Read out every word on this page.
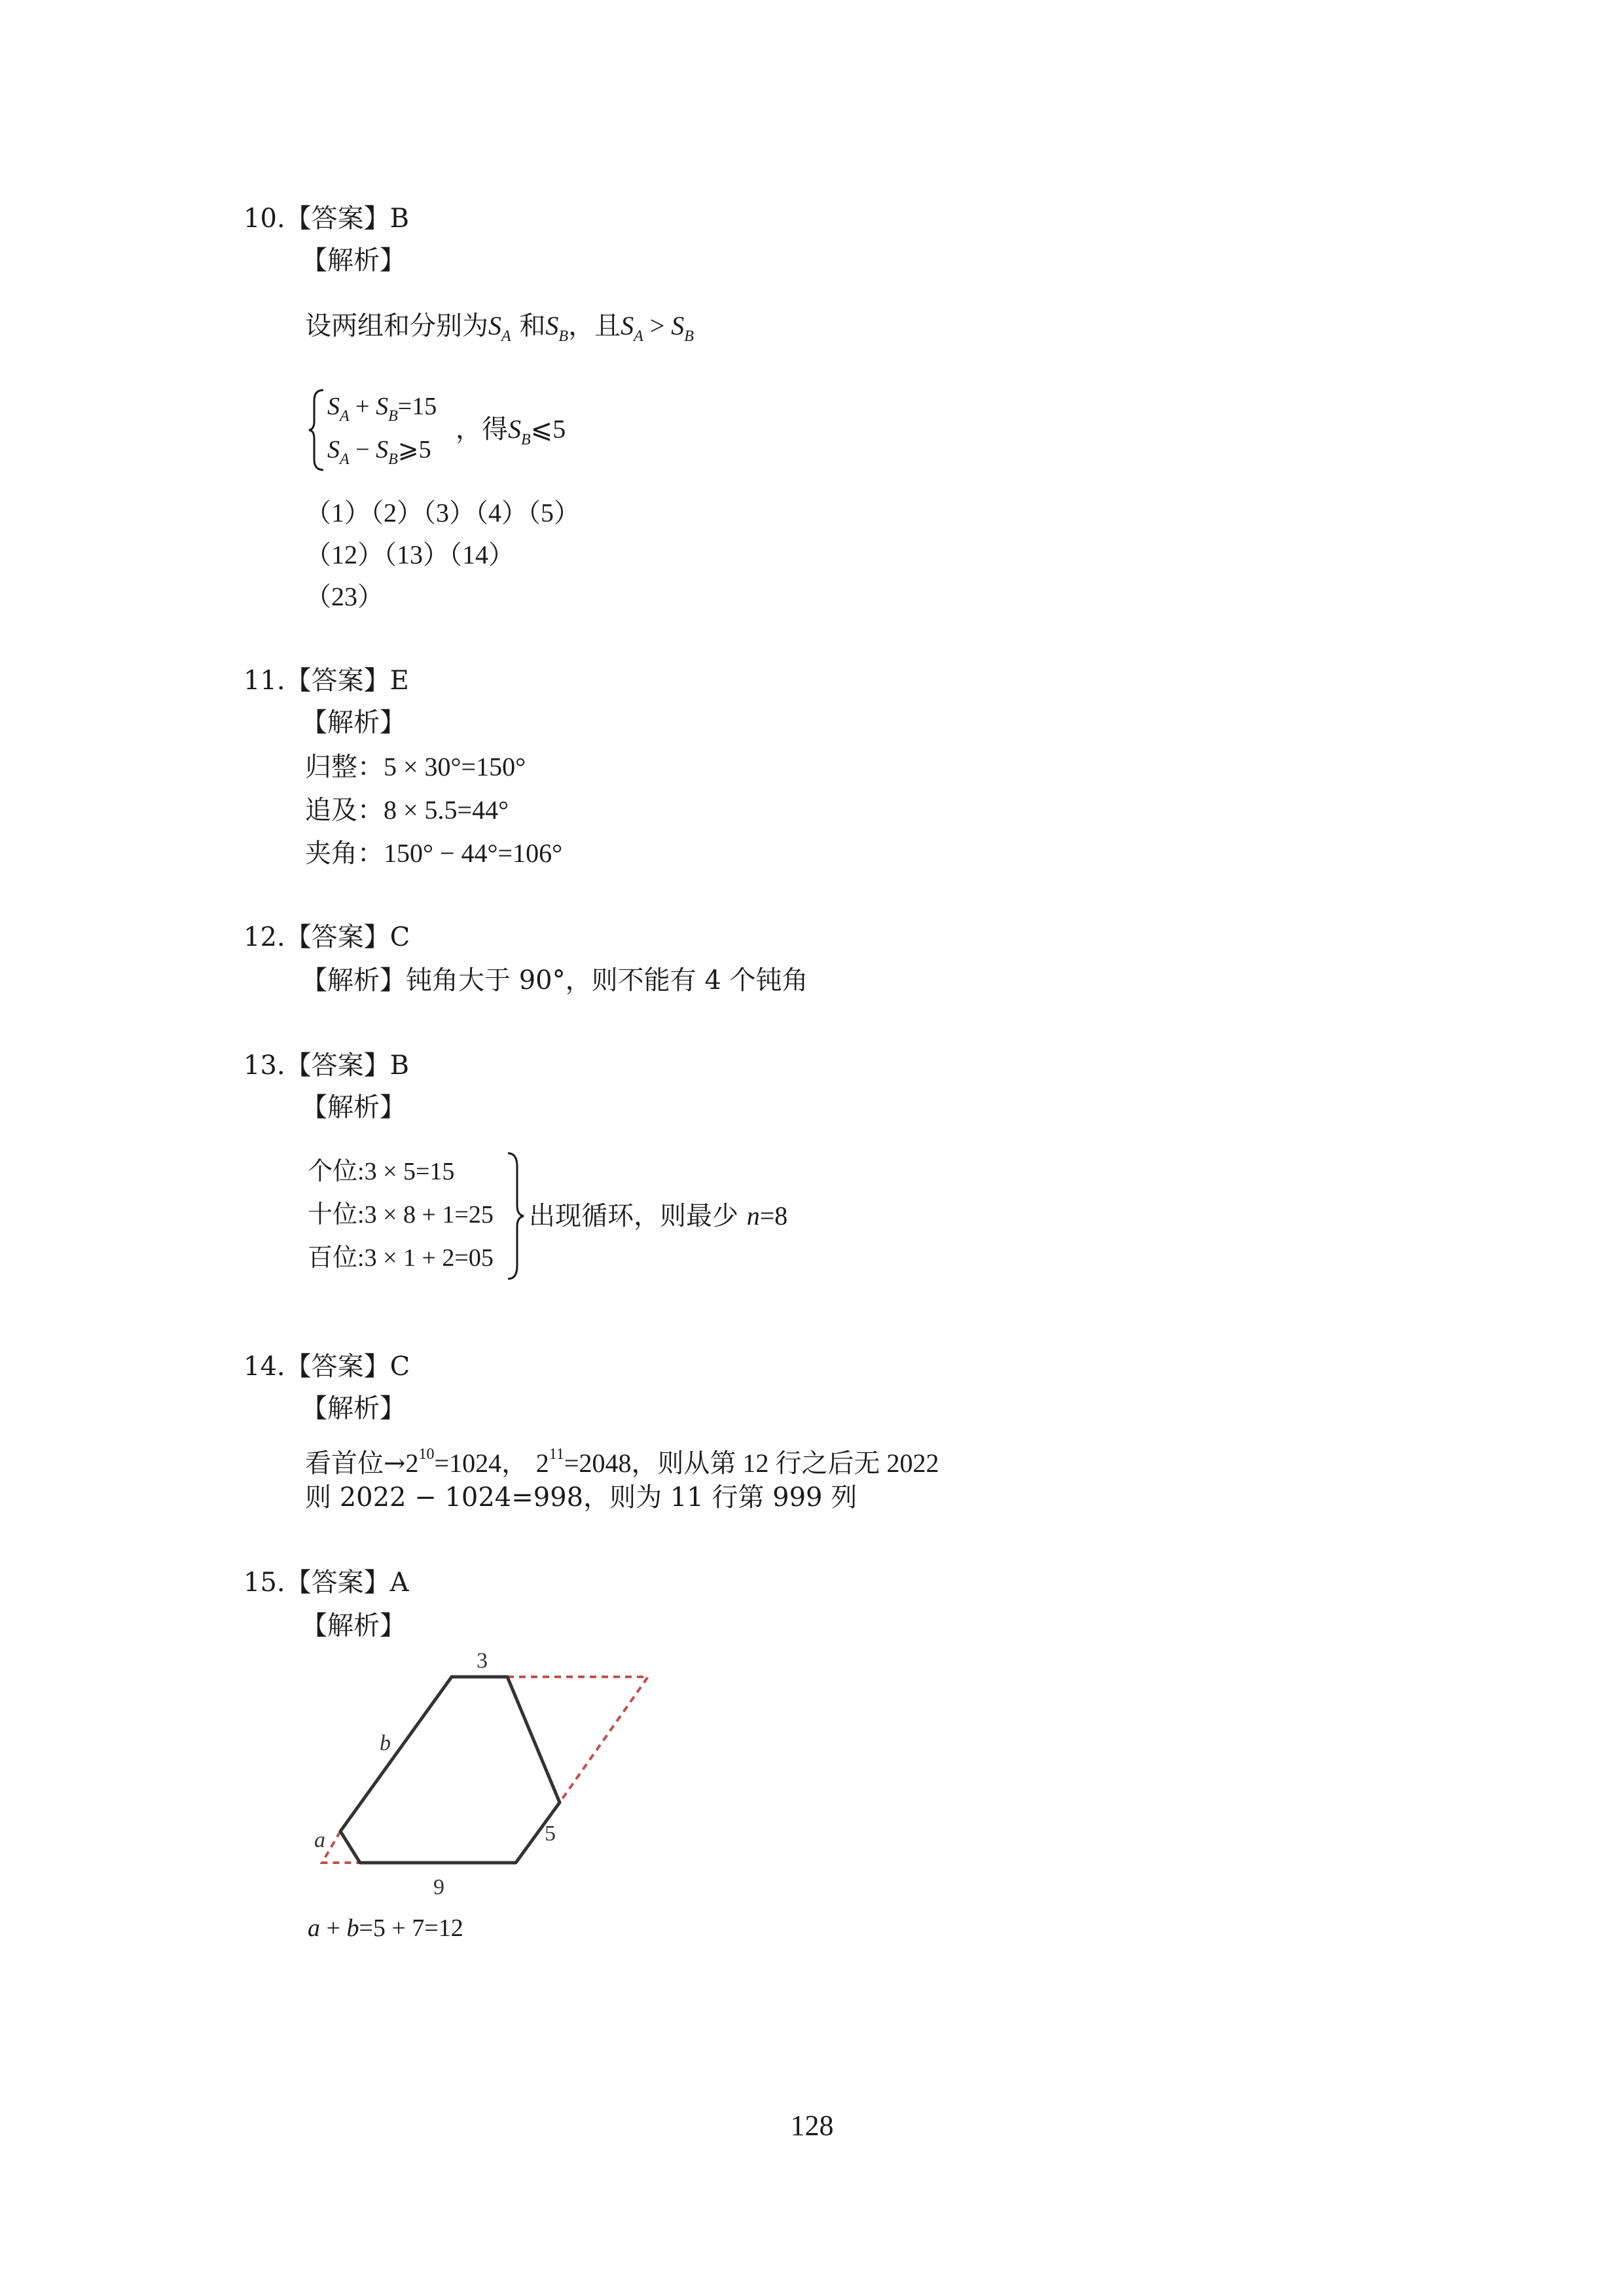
10.【答案】B
【解析】
设两组和分别为$S_A$ 和$S_B$，且$S_A > S_B$
$S_A + S_B=15$
$S_A$ − $S_B⩾5$
，得$S_B⩽5$
（1）（2）（3）（4）（5）
（12）（13）（14）
（23）
11.【答案】E
【解析】
归整：5 × 30°=150°
追及：8 × 5.5=44°
夹角：150° − 44°=106°
12.【答案】C
【解析】钝角大于 90°，则不能有 4 个钝角
13.【答案】B
【解析】
个位:3 × 5=15
十位:3 × 8 + 1=25
百位:3 × 1 + 2=05
出现循环，则最少 n=8
14.【答案】C
【解析】
看首位$\to 2^{10}=1024$， $2^{11}=2048$，则从第 12 行之后无 2022
则 2022 − 1024=998，则为 11 行第 999 列
15.【答案】A
【解析】
3
b
a	5
9
a + b=5 + 7=12
128
